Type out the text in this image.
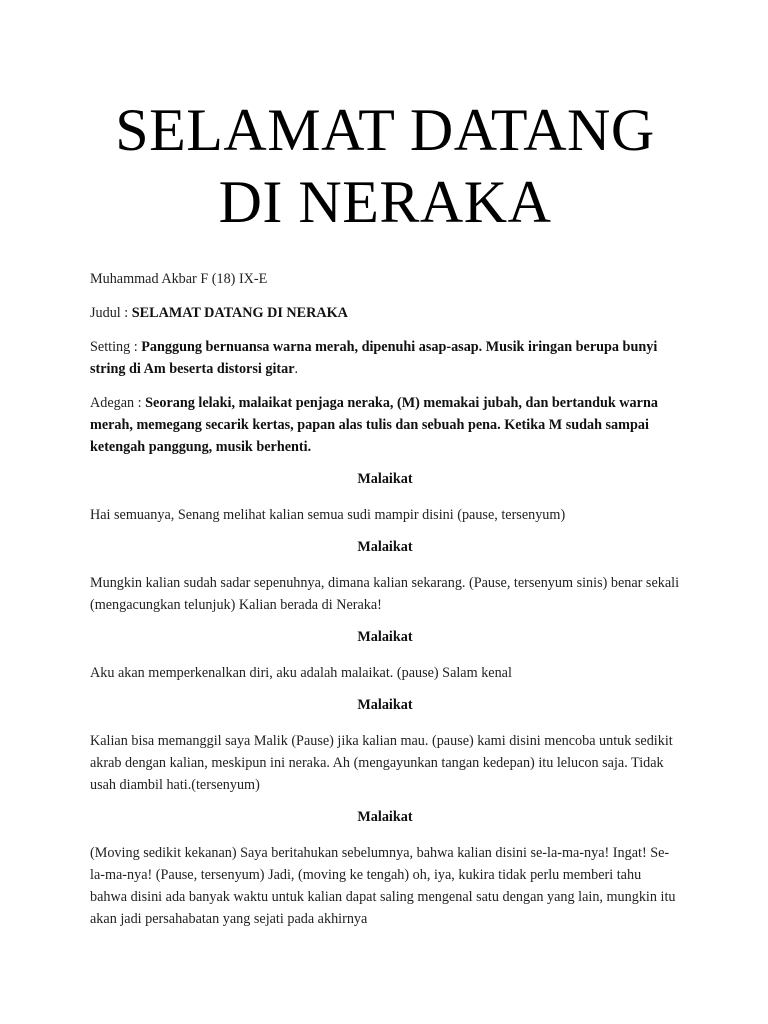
SELAMAT DATANG
DI NERAKA

Muhammad Akbar F (18) IX-E

Judul : SELAMAT DATANG DI NERAKA

Setting : Panggung bernuansa warna merah, dipenuhi asap-asap. Musik iringan berupa bunyi string di Am beserta distorsi gitar.

Adegan : Seorang lelaki, malaikat penjaga neraka, (M) memakai jubah, dan bertanduk warna merah, memegang secarik kertas, papan alas tulis dan sebuah pena. Ketika M sudah sampai ketengah panggung, musik berhenti.

Malaikat

Hai semuanya, Senang melihat kalian semua sudi mampir disini (pause, tersenyum)

Malaikat

Mungkin kalian sudah sadar sepenuhnya, dimana kalian sekarang. (Pause, tersenyum sinis) benar sekali (mengacungkan telunjuk) Kalian berada di Neraka!

Malaikat

Aku akan memperkenalkan diri, aku adalah malaikat. (pause) Salam kenal

Malaikat

Kalian bisa memanggil saya Malik (Pause) jika kalian mau. (pause) kami disini mencoba untuk sedikit akrab dengan kalian, meskipun ini neraka. Ah (mengayunkan tangan kedepan) itu lelucon saja. Tidak usah diambil hati.(tersenyum)

Malaikat

(Moving sedikit kekanan) Saya beritahukan sebelumnya, bahwa kalian disini se-la-ma-nya! Ingat! Se-la-ma-nya! (Pause, tersenyum) Jadi, (moving ke tengah) oh, iya, kukira tidak perlu memberi tahu bahwa disini ada banyak waktu untuk kalian dapat saling mengenal satu dengan yang lain, mungkin itu akan jadi persahabatan yang sejati pada akhirnya
